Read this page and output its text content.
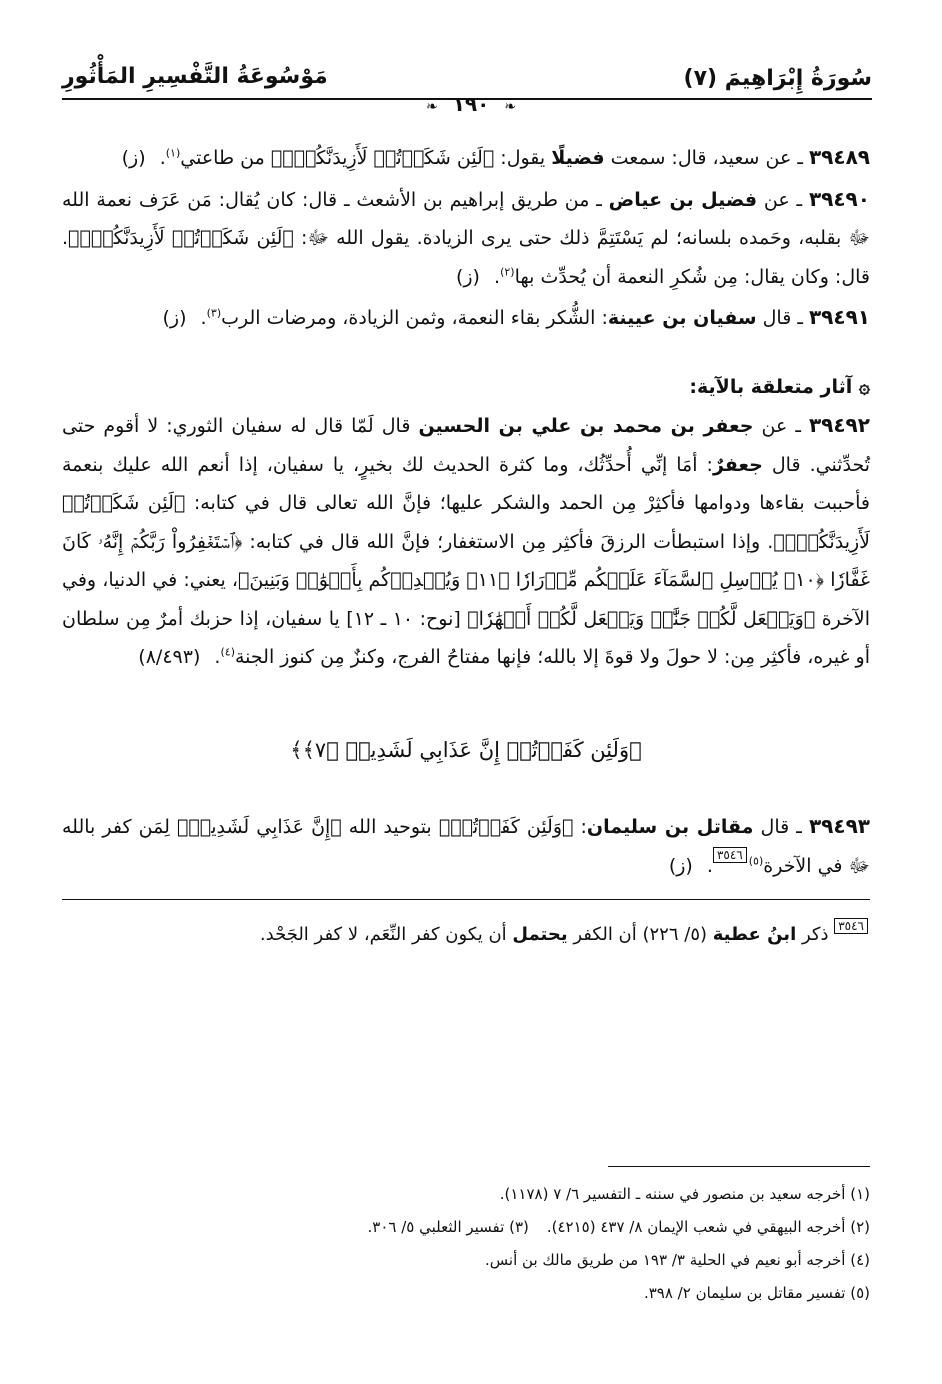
سُورَةُ إِبْرَاهِيمَ (٧)
مَوْسُوعَةُ التَّفْسِيرِ المَأْثُورِ
❧ ١٩٠ ❧

٣٩٤٨٩ ـ عن سعيد، قال: سمعت فضيلًا يقول: ﴿لَئِن شَكَرۡتُمۡ لَأَزِيدَنَّكُمۡۖ﴾ من طاعتي$^{(١)}$. (ز)

٣٩٤٩٠ ـ عن فضيل بن عياض ـ من طريق إبراهيم بن الأشعث ـ قال: كان يُقال: مَن عَرَف نعمة الله ﷻ بقلبه، وحَمده بلسانه؛ لم يَسْتَتِمَّ ذلك حتى يرى الزيادة. يقول الله ﷻ: ﴿لَئِن شَكَرۡتُمۡ لَأَزِيدَنَّكُمۡۖ﴾. قال: وكان يقال: مِن شُكرِ النعمة أن يُحدِّث بها$^{(٢)}$. (ز)

٣٩٤٩١ ـ قال سفيان بن عيينة: الشُّكر بقاء النعمة، وثمن الزيادة، ومرضات الرب$^{(٣)}$. (ز)

۞ آثار متعلقة بالآية:

٣٩٤٩٢ ـ عن جعفر بن محمد بن علي بن الحسين قال لَمّا قال له سفيان الثوري: لا أقوم حتى تُحدِّثني. قال جعفرٌ: أمَا إنِّي أُحدِّثُك، وما كثرة الحديث لك بخيرٍ، يا سفيان، إذا أنعم الله عليك بنعمة فأحببت بقاءها ودوامها فأكثِرْ مِن الحمد والشكر عليها؛ فإنَّ الله تعالى قال في كتابه: ﴿لَئِن شَكَرۡتُمۡ لَأَزِيدَنَّكُمۡۖ﴾. وإذا استبطأت الرزقَ فأكثِر مِن الاستغفار؛ فإنَّ الله قال في كتابه: ﴿ٱسۡتَغۡفِرُواْ رَبَّكُمۡ إِنَّهُۥ كَانَ غَفَّارٗا ﴿١٠﴾ يُرۡسِلِ ٱلسَّمَآءَ عَلَيۡكُم مِّدۡرَارٗا ﴿١١﴾ وَيُمۡدِدۡكُم بِأَمۡوَٰلٖ وَبَنِينَ﴾، يعني: في الدنيا، وفي الآخرة ﴿وَيَجۡعَل لَّكُمۡ جَنَّٰتٖ وَيَجۡعَل لَّكُمۡ أَنۡهَٰرٗا﴾ [نوح: ١٠ ـ ١٢] يا سفيان، إذا حزبك أمرٌ مِن سلطان أو غيره، فأكثِر مِن: لا حولَ ولا قوةَ إلا بالله؛ فإنها مفتاحُ الفرج، وكنزٌ مِن كنوز الجنة$^{(٤)}$. (٨/٤٩٣)

﴿وَلَئِن كَفَرۡتُمۡ إِنَّ عَذَابِي لَشَدِيدٞ ﴿٧﴾﴾

٣٩٤٩٣ ـ قال مقاتل بن سليمان: ﴿وَلَئِن كَفَرۡتُمۡ﴾ بتوحيد الله ﴿إِنَّ عَذَابِي لَشَدِيدٞ﴾ لِمَن كفر بالله ﷻ في الآخرة$^{(٥)}$٣٥٤٦. (ز)

٣٥٤٦ ذكر ابنُ عطية (٥/ ٢٢٦) أن الكفر يحتمل أن يكون كفر النِّعَم، لا كفر الجَحْد.

(١) أخرجه سعيد بن منصور في سننه ـ التفسير ٦/ ٧ (١١٧٨).
(٢) أخرجه البيهقي في شعب الإيمان ٨/ ٤٣٧ (٤٢١٥).(٣) تفسير الثعلبي ٥/ ٣٠٦.
(٤) أخرجه أبو نعيم في الحلية ٣/ ١٩٣ من طريق مالك بن أنس.
(٥) تفسير مقاتل بن سليمان ٢/ ٣٩٨.
